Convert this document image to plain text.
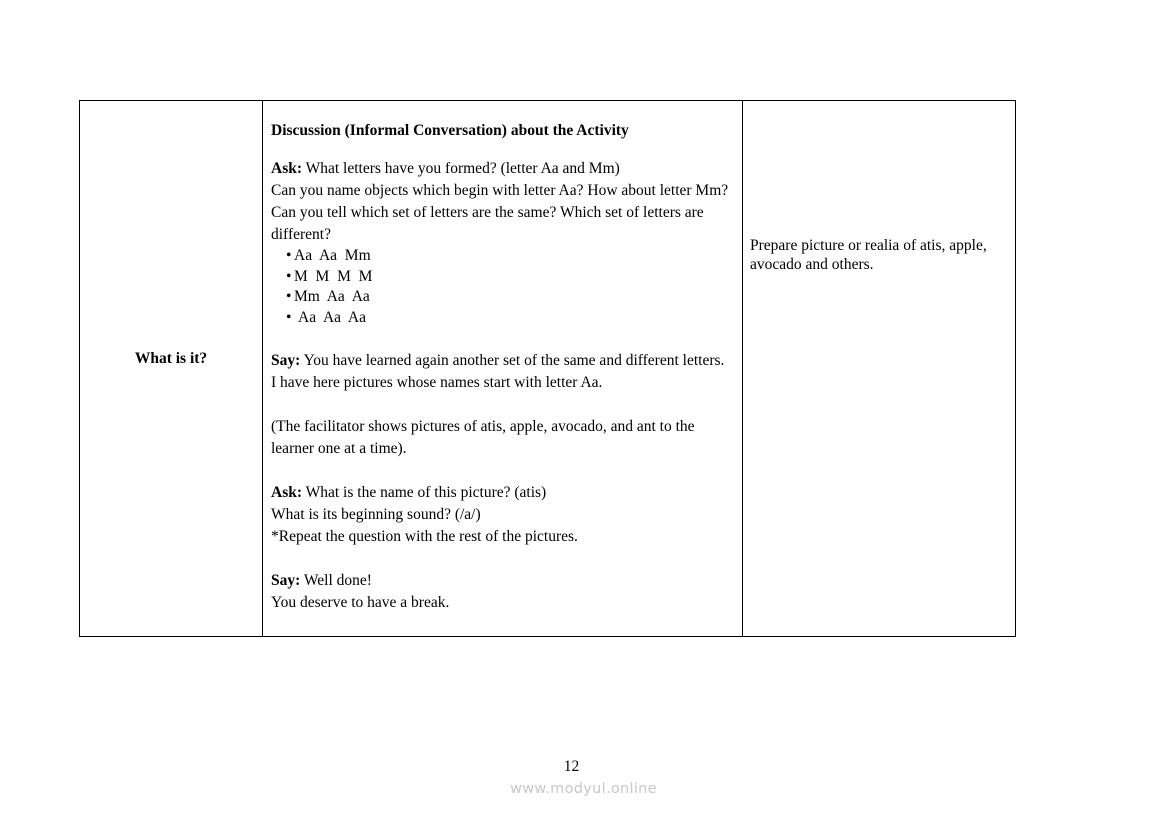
What is it?

Discussion (Informal Conversation) about the Activity

Ask: What letters have you formed? (letter Aa and Mm)

Can you name objects which begin with letter Aa? How about letter Mm? Can you tell which set of letters are the same? Which set of letters are different?

• Aa  Aa  Mm
• M  M  M  M
• Mm  Aa  Aa
• Aa  Aa  Aa

Say: You have learned again another set of the same and different letters.

I have here pictures whose names start with letter Aa.

(The facilitator shows pictures of atis, apple, avocado, and ant to the learner one at a time).

Ask: What is the name of this picture? (atis)

What is its beginning sound? (/a/)

*Repeat the question with the rest of the pictures.

Say: Well done!

You deserve to have a break.

Prepare picture or realia of atis, apple, avocado and others.
12
www.modyul.online
